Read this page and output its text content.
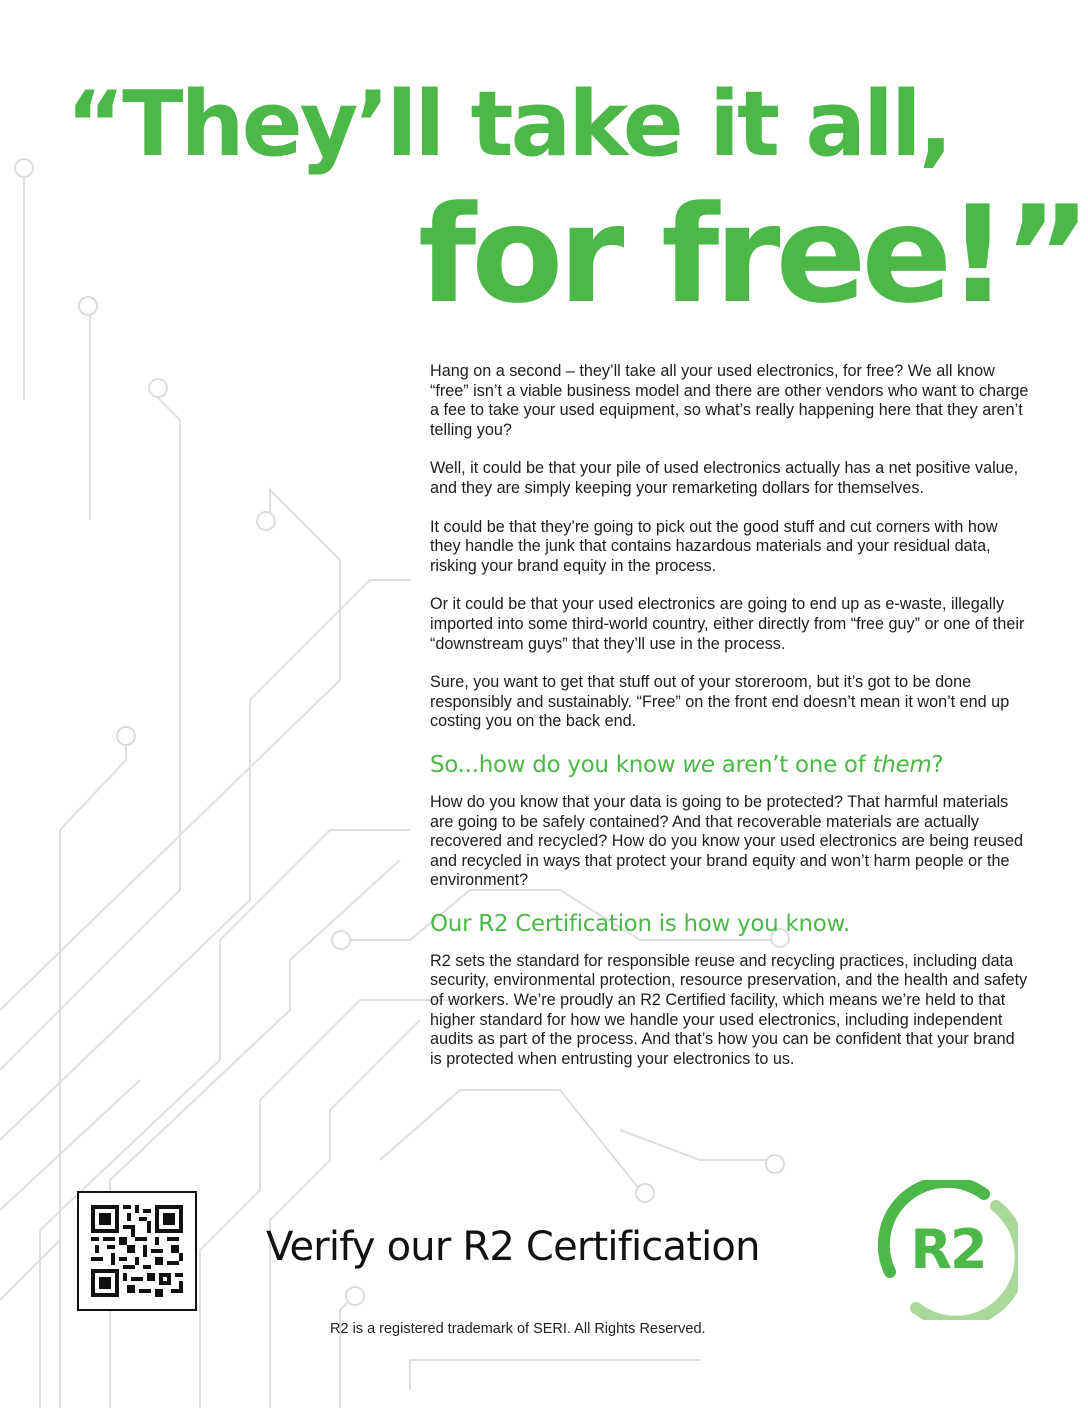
“They’ll take it all,
for free!”

Hang on a second – they’ll take all your used electronics, for free? We all know “free” isn’t a viable business model and there are other vendors who want to charge a fee to take your used equipment, so what’s really happening here that they aren’t telling you?

Well, it could be that your pile of used electronics actually has a net positive value, and they are simply keeping your remarketing dollars for themselves.

It could be that they’re going to pick out the good stuff and cut corners with how they handle the junk that contains hazardous materials and your residual data, risking your brand equity in the process.

Or it could be that your used electronics are going to end up as e-waste, illegally imported into some third-world country, either directly from “free guy” or one of their “downstream guys” that they’ll use in the process.

Sure, you want to get that stuff out of your storeroom, but it’s got to be done responsibly and sustainably. “Free” on the front end doesn’t mean it won’t end up costing you on the back end.

So...how do you know we aren’t one of them?

How do you know that your data is going to be protected? That harmful materials are going to be safely contained? And that recoverable materials are actually recovered and recycled? How do you know your used electronics are being reused and recycled in ways that protect your brand equity and won’t harm people or the environment?

Our R2 Certification is how you know.

R2 sets the standard for responsible reuse and recycling practices, including data security, environmental protection, resource preservation, and the health and safety of workers. We’re proudly an R2 Certified facility, which means we’re held to that higher standard for how we handle your used electronics, including independent audits as part of the process. And that’s how you can be confident that your brand is protected when entrusting your electronics to us.

Verify our R2 Certification	R2
R2 is a registered trademark of SERI. All Rights Reserved.
